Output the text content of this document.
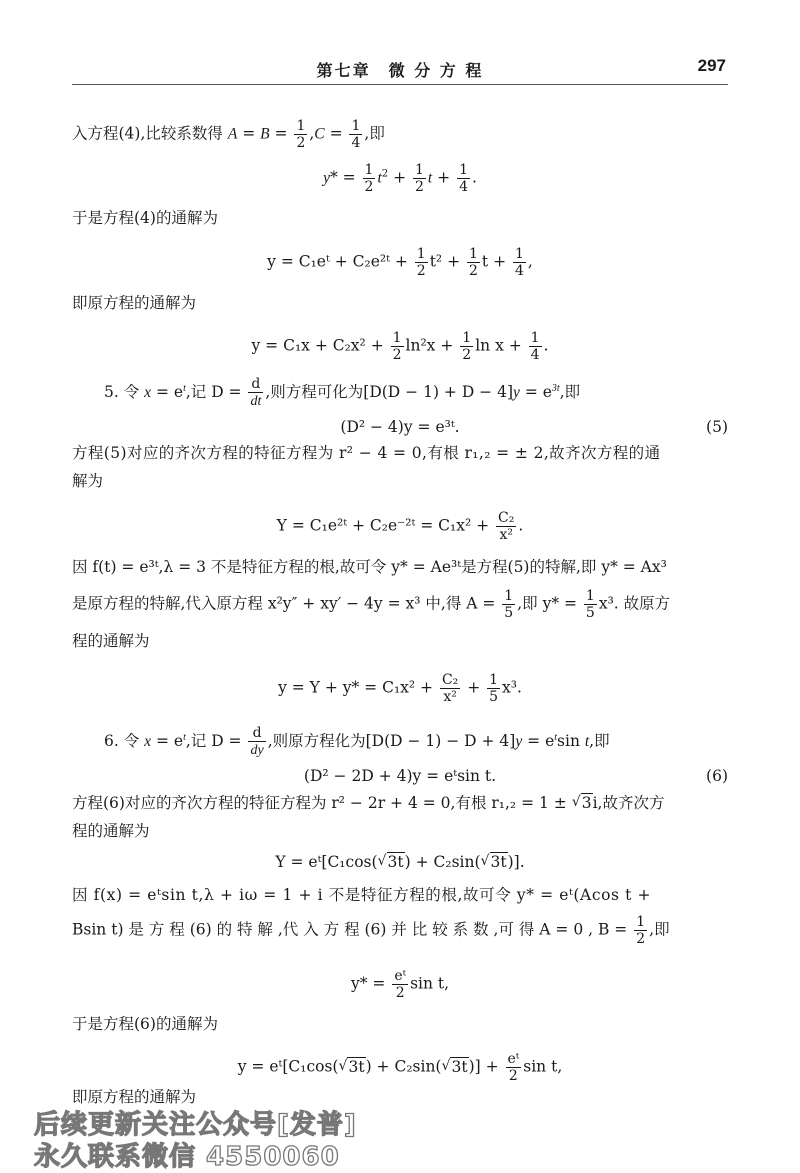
第七章　微 分 方 程	297
入方程(4),比较系数得 $A = B = \frac{1}{2} ,C = \frac{1}{4}$ ,即
$y* = \frac{1}{2} t^2 + \frac{1}{2}$ $t + \frac{1}{4}$ .
于是方程(4)的通解为
y = C₁eᵗ + C₂e²ᵗ + $\frac{1}{2} t^2 + \frac{1}{2}$ $t + \frac{1}{4}$ ,
即原方程的通解为
$y = C_1x + C_2x^2 + \frac{1}{2} \ln^2x + \frac{1}{2}$ $\ln x + \frac{1}{4}$ .
5. 令 $x = e^t$,记 $D = \frac{d}{dt}$ ,则方程可化为$[D(D - 1) + D - 4]y = e^{3t}$,即
(D² − 4)y = e³ᵗ.	(5)
方程(5)对应的齐次方程的特征方程为 r² − 4 = 0,有根 r₁,₂ = ± 2,故齐次方程的通
解为
Y = C₁e²ᵗ + C₂e⁻²ᵗ = $C_1x^2 + \frac{\text{C₂}}{\text{x²}}$ .
因 f(t) = e³ᵗ,λ = 3 不是特征方程的根,故可令 y* = Ae³ᵗ是方程(5)的特解,即 y* = Ax³
是原方程的特解,代入原方程 x²y″ + xy′ − 4y = x³ 中,得 $A = \frac{1}{5}$ ,即 $y* = \frac{1}{5} x^3$. 故原方
程的通解为
$y = Y + y* = C_1x^2 + \frac{\text{C₂}}{\text{x²}} + \frac{1}{5} x^3$.
6. 令 $x = e^t$,记 $D = \frac{d}{dy}$ ,则原方程化为$[D(D - 1) - D + 4]y = e^t\sin$ t,即
(D² − 2D + 4)y = eᵗsin t.	(6)
方程(6)对应的齐次方程的特征方程为 r² − 2r + 4 = 0,有根 r₁,₂ = 1 ± √ 3i,故齐次方
程的通解为
Y = eᵗ[C₁cos( √ 3t) + C₂sin( √ 3t)].
因 f(x) = eᵗsin t,λ + iω = 1 + i 不是特征方程的根,故可令 y* = eᵗ(Acos t +
Bsin t) 是 方 程 (6) 的 特 解 ,代 入 方 程 (6) 并 比 较 系 数 ,可 得 A = 0 , $B = \frac{1}{2}$ ,即
$y* = \frac{\text{eᵗ}}{2}$ sin t,
于是方程(6)的通解为
y = eᵗ[C₁cos( √ 3t) + C₂sin( √ $3t)] + \frac{\text{eᵗ}}{2}$ sin t,
即原方程的通解为
后续更新关注公众号[发普]
永久联系微信 4550060
